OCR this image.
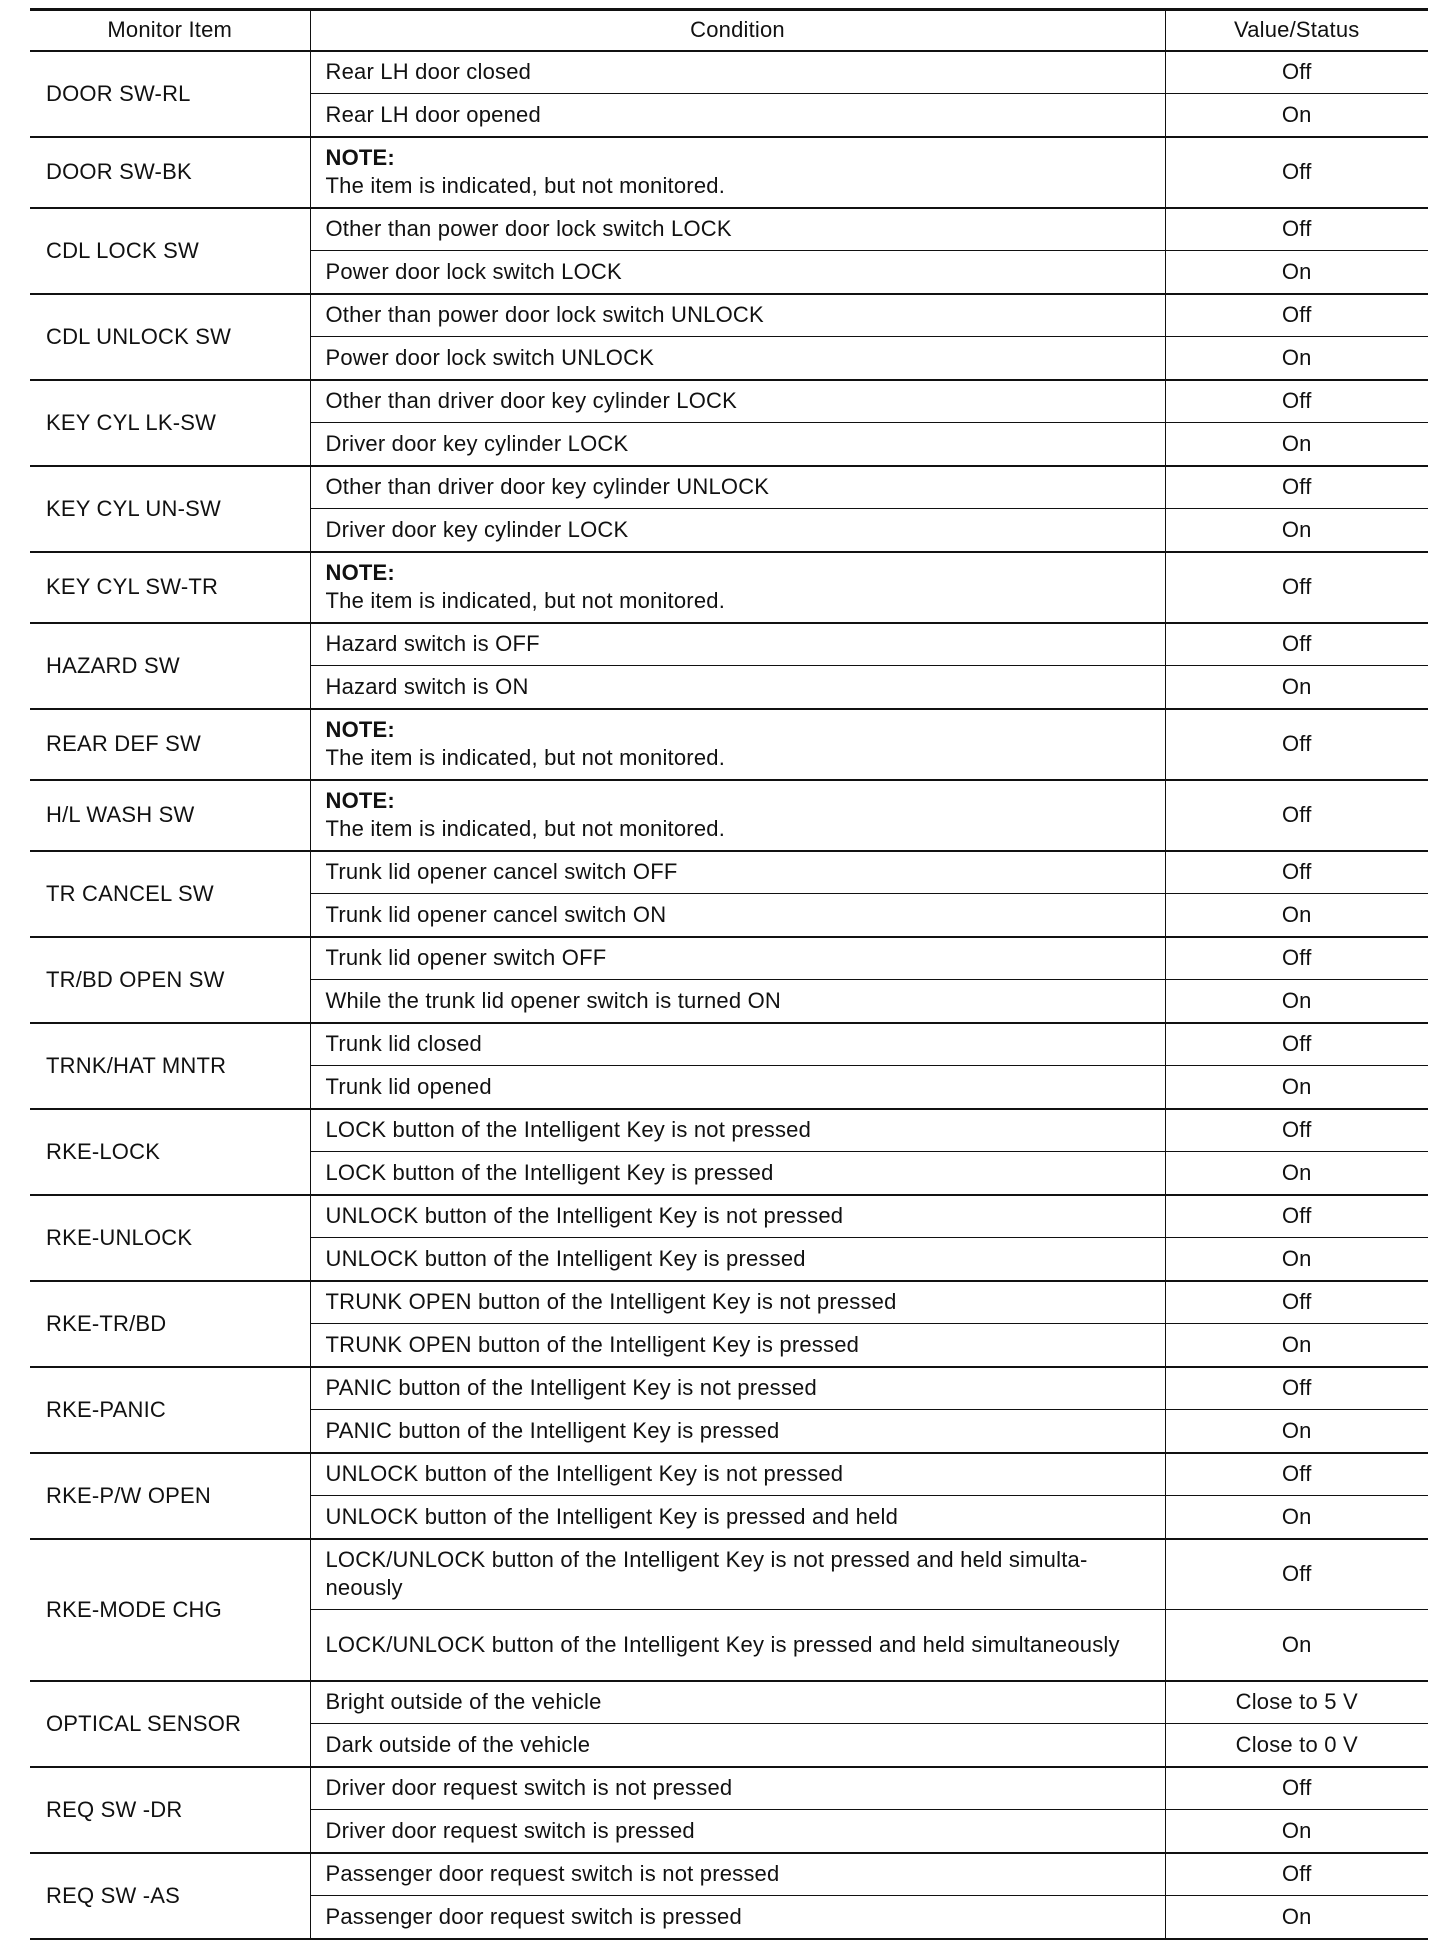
Monitor Item	Condition	Value/Status
DOOR SW-RL	Rear LH door closed	Off
	Rear LH door opened	On
DOOR SW-BK	NOTE:
The item is indicated, but not monitored.	Off
CDL LOCK SW	Other than power door lock switch LOCK	Off
	Power door lock switch LOCK	On
CDL UNLOCK SW	Other than power door lock switch UNLOCK	Off
	Power door lock switch UNLOCK	On
KEY CYL LK-SW	Other than driver door key cylinder LOCK	Off
	Driver door key cylinder LOCK	On
KEY CYL UN-SW	Other than driver door key cylinder UNLOCK	Off
	Driver door key cylinder LOCK	On
KEY CYL SW-TR	NOTE:
The item is indicated, but not monitored.	Off
HAZARD SW	Hazard switch is OFF	Off
	Hazard switch is ON	On
REAR DEF SW	NOTE:
The item is indicated, but not monitored.	Off
H/L WASH SW	NOTE:
The item is indicated, but not monitored.	Off
TR CANCEL SW	Trunk lid opener cancel switch OFF	Off
	Trunk lid opener cancel switch ON	On
TR/BD OPEN SW	Trunk lid opener switch OFF	Off
	While the trunk lid opener switch is turned ON	On
TRNK/HAT MNTR	Trunk lid closed	Off
	Trunk lid opened	On
RKE-LOCK	LOCK button of the Intelligent Key is not pressed	Off
	LOCK button of the Intelligent Key is pressed	On
RKE-UNLOCK	UNLOCK button of the Intelligent Key is not pressed	Off
	UNLOCK button of the Intelligent Key is pressed	On
RKE-TR/BD	TRUNK OPEN button of the Intelligent Key is not pressed	Off
	TRUNK OPEN button of the Intelligent Key is pressed	On
RKE-PANIC	PANIC button of the Intelligent Key is not pressed	Off
	PANIC button of the Intelligent Key is pressed	On
RKE-P/W OPEN	UNLOCK button of the Intelligent Key is not pressed	Off
	UNLOCK button of the Intelligent Key is pressed and held	On
RKE-MODE CHG	LOCK/UNLOCK button of the Intelligent Key is not pressed and held simulta-neously	Off
	LOCK/UNLOCK button of the Intelligent Key is pressed and held simultaneously	On
OPTICAL SENSOR	Bright outside of the vehicle	Close to 5 V
	Dark outside of the vehicle	Close to 0 V
REQ SW -DR	Driver door request switch is not pressed	Off
	Driver door request switch is pressed	On
REQ SW -AS	Passenger door request switch is not pressed	Off
	Passenger door request switch is pressed	On
